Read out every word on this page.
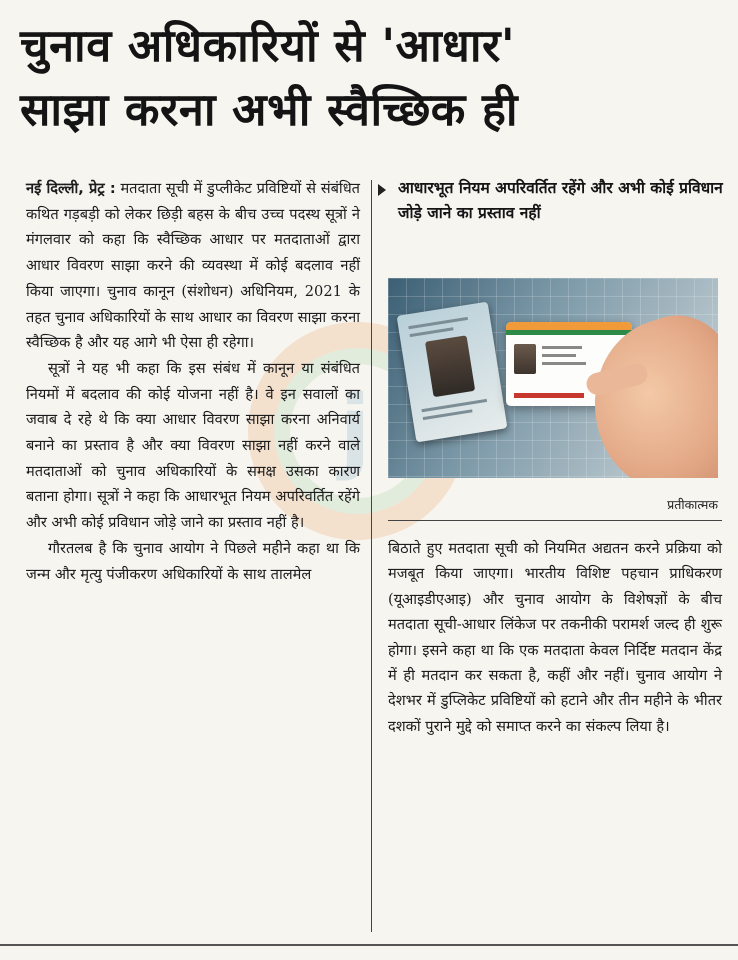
j
चुनाव अधिकारियों से 'आधार'
साझा करना अभी स्वैच्छिक ही

नई दिल्ली, प्रेट्र : मतदाता सूची में डुप्लीकेट प्रविष्टियों से संबंधित कथित गड़बड़ी को लेकर छिड़ी बहस के बीच उच्च पदस्थ सूत्रों ने मंगलवार को कहा कि स्वैच्छिक आधार पर मतदाताओं द्वारा आधार विवरण साझा करने की व्यवस्था में कोई बदलाव नहीं किया जाएगा। चुनाव कानून (संशोधन) अधिनियम, 2021 के तहत चुनाव अधिकारियों के साथ आधार का विवरण साझा करना स्वैच्छिक है और यह आगे भी ऐसा ही रहेगा।

सूत्रों ने यह भी कहा कि इस संबंध में कानून या संबंधित नियमों में बदलाव की कोई योजना नहीं है। वे इन सवालों का जवाब दे रहे थे कि क्या आधार विवरण साझा करना अनिवार्य बनाने का प्रस्ताव है और क्या विवरण साझा नहीं करने वाले मतदाताओं को चुनाव अधिकारियों के समक्ष उसका कारण बताना होगा। सूत्रों ने कहा कि आधारभूत नियम अपरिवर्तित रहेंगे और अभी कोई प्रविधान जोड़े जाने का प्रस्ताव नहीं है।

गौरतलब है कि चुनाव आयोग ने पिछले महीने कहा था कि जन्म और मृत्यु पंजीकरण अधिकारियों के साथ तालमेल

आधारभूत नियम अपरिवर्तित रहेंगे और अभी कोई प्रविधान जोड़े जाने का प्रस्ताव नहीं
प्रतीकात्मक

बिठाते हुए मतदाता सूची को नियमित अद्यतन करने प्रक्रिया को मजबूत किया जाएगा। भारतीय विशिष्ट पहचान प्राधिकरण (यूआइडीएआइ) और चुनाव आयोग के विशेषज्ञों के बीच मतदाता सूची-आधार लिंकेज पर तकनीकी परामर्श जल्द ही शुरू होगा। इसने कहा था कि एक मतदाता केवल निर्दिष्ट मतदान केंद्र में ही मतदान कर सकता है, कहीं और नहीं। चुनाव आयोग ने देशभर में डुप्लिकेट प्रविष्टियों को हटाने और तीन महीने के भीतर दशकों पुराने मुद्दे को समाप्त करने का संकल्प लिया है।
